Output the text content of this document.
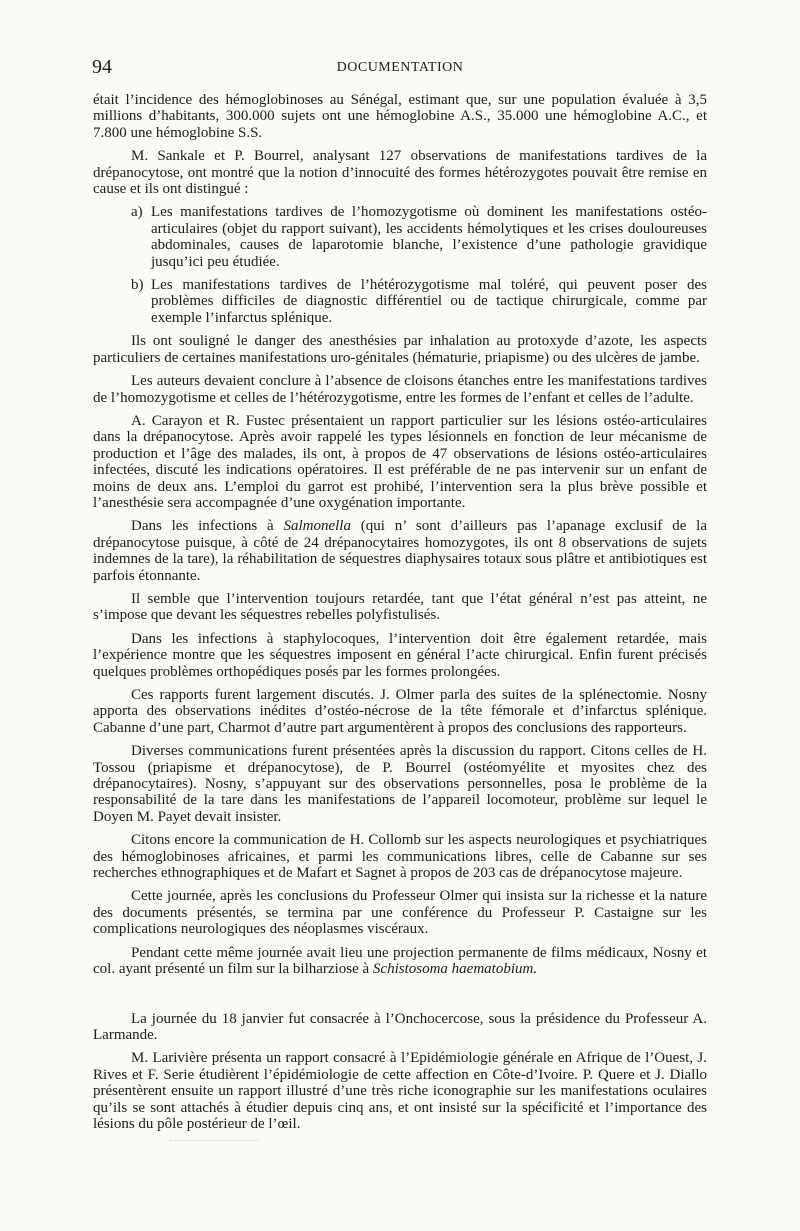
94	DOCUMENTATION

était l’incidence des hémoglobinoses au Sénégal, estimant que, sur une population évaluée à 3,5 millions d’habitants, 300.000 sujets ont une hémoglobine A.S., 35.000 une hémoglobine A.C., et 7.800 une hémoglobine S.S.

M. Sankale et P. Bourrel, analysant 127 observations de manifestations tardives de la drépanocytose, ont montré que la notion d’innocuité des formes hétérozygotes pouvait être remise en cause et ils ont distingué :

a) Les manifestations tardives de l’homozygotisme où dominent les manifestations ostéo-articulaires (objet du rapport suivant), les accidents hémolytiques et les crises douloureuses abdominales, causes de laparotomie blanche, l’existence d’une pathologie gravidique jusqu’ici peu étudiée.
b) Les manifestations tardives de l’hétérozygotisme mal toléré, qui peuvent poser des problèmes difficiles de diagnostic différentiel ou de tactique chirurgicale, comme par exemple l’infarctus splénique.

Ils ont souligné le danger des anesthésies par inhalation au protoxyde d’azote, les aspects particuliers de certaines manifestations uro-génitales (hématurie, priapisme) ou des ulcères de jambe.

Les auteurs devaient conclure à l’absence de cloisons étanches entre les manifestations tardives de l’homozygotisme et celles de l’hétérozygotisme, entre les formes de l’enfant et celles de l’adulte.

A. Carayon et R. Fustec présentaient un rapport particulier sur les lésions ostéo-articulaires dans la drépanocytose. Après avoir rappelé les types lésionnels en fonction de leur mécanisme de production et l’âge des malades, ils ont, à propos de 47 observations de lésions ostéo-articulaires infectées, discuté les indications opératoires. Il est préférable de ne pas intervenir sur un enfant de moins de deux ans. L’emploi du garrot est prohibé, l’intervention sera la plus brève possible et l’anesthésie sera accompagnée d’une oxygénation importante.

Dans les infections à Salmonella (qui n’ sont d’ailleurs pas l’apanage exclusif de la drépanocytose puisque, à côté de 24 drépanocytaires homozygotes, ils ont 8 observations de sujets indemnes de la tare), la réhabilitation de séquestres diaphysaires totaux sous plâtre et antibiotiques est parfois étonnante.

Il semble que l’intervention toujours retardée, tant que l’état général n’est pas atteint, ne s’impose que devant les séquestres rebelles polyfistulisés.

Dans les infections à staphylocoques, l’intervention doit être également retardée, mais l’expérience montre que les séquestres imposent en général l’acte chirurgical. Enfin furent précisés quelques problèmes orthopédiques posés par les formes prolongées.

Ces rapports furent largement discutés. J. Olmer parla des suites de la splénectomie. Nosny apporta des observations inédites d’ostéo-nécrose de la tête fémorale et d’infarctus splénique. Cabanne d’une part, Charmot d’autre part argumentèrent à propos des conclusions des rapporteurs.

Diverses communications furent présentées après la discussion du rapport. Citons celles de H. Tossou (priapisme et drépanocytose), de P. Bourrel (ostéomyélite et myosites chez des drépanocytaires). Nosny, s’appuyant sur des observations personnelles, posa le problème de la responsabilité de la tare dans les manifestations de l’appareil locomoteur, problème sur lequel le Doyen M. Payet devait insister.

Citons encore la communication de H. Collomb sur les aspects neurologiques et psychiatriques des hémoglobinoses africaines, et parmi les communications libres, celle de Cabanne sur ses recherches ethnographiques et de Mafart et Sagnet à propos de 203 cas de drépanocytose majeure.

Cette journée, après les conclusions du Professeur Olmer qui insista sur la richesse et la nature des documents présentés, se termina par une conférence du Professeur P. Castaigne sur les complications neurologiques des néoplasmes viscéraux.

Pendant cette même journée avait lieu une projection permanente de films médicaux, Nosny et col. ayant présenté un film sur la bilharziose à Schistosoma haematobium.

La journée du 18 janvier fut consacrée à l’Onchocercose, sous la présidence du Professeur A. Larmande.

M. Larivière présenta un rapport consacré à l’Epidémiologie générale en Afrique de l’Ouest, J. Rives et F. Serie étudièrent l’épidémiologie de cette affection en Côte-d’Ivoire. P. Quere et J. Diallo présentèrent ensuite un rapport illustré d’une très riche iconographie sur les manifestations oculaires qu’ils se sont attachés à étudier depuis cinq ans, et ont insisté sur la spécificité et l’importance des lésions du pôle postérieur de l’œil.
